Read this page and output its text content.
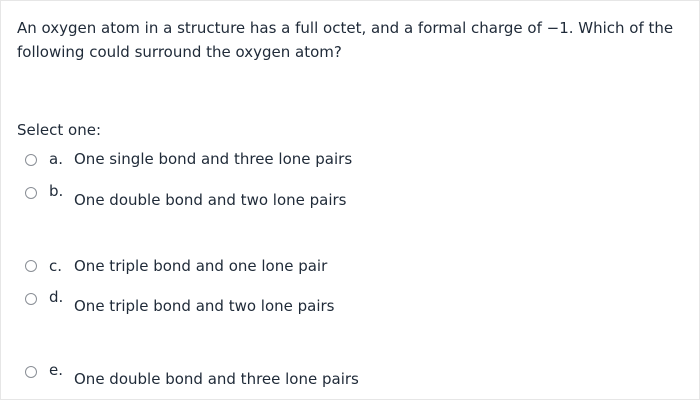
An oxygen atom in a structure has a full octet, and a formal charge of −1. Which of the following could surround the oxygen atom?
Select one:
a. One single bond and three lone pairs
b. One double bond and two lone pairs
c. One triple bond and one lone pair
d. One triple bond and two lone pairs
e. One double bond and three lone pairs
